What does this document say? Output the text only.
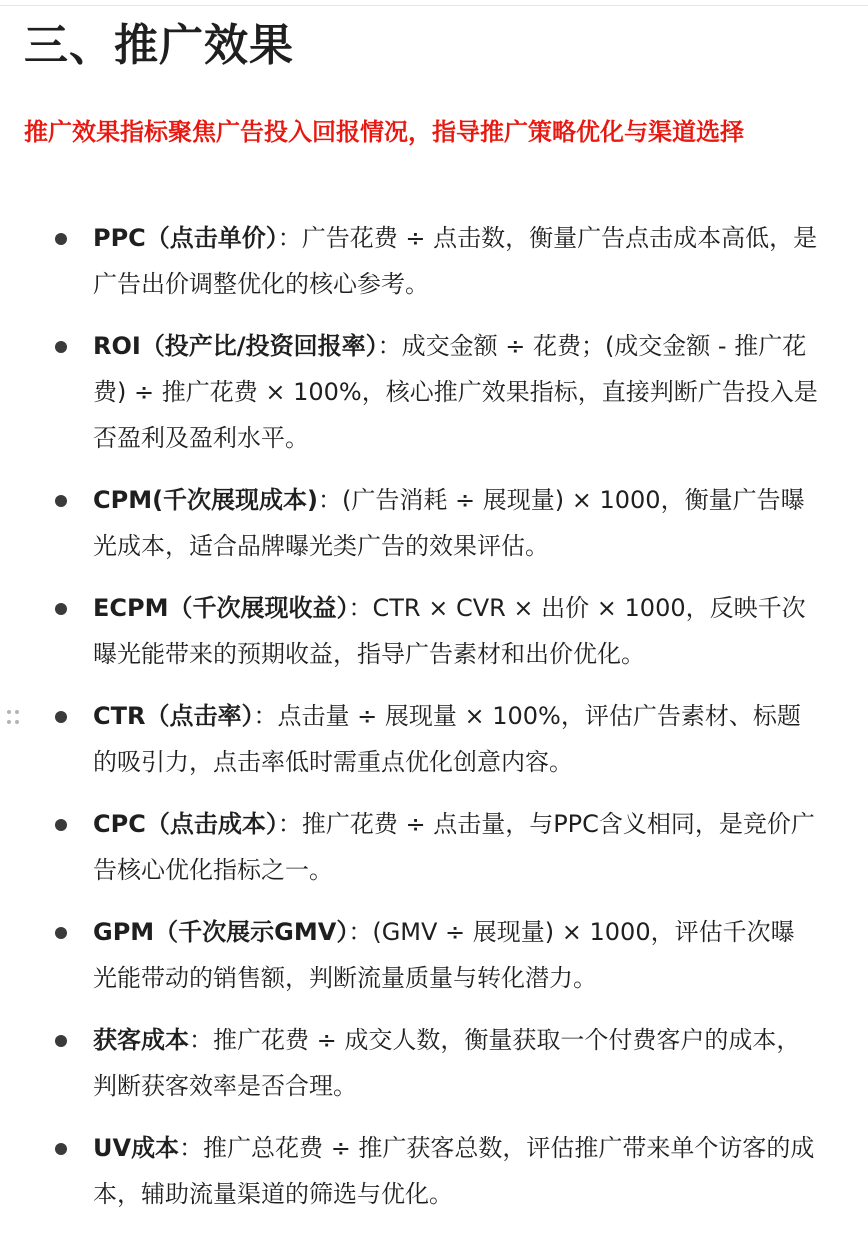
三、推广效果

推广效果指标聚焦广告投入回报情况，指导推广策略优化与渠道选择

PPC（点击单价）：广告花费 ÷ 点击数，衡量广告点击成本高低，是广告出价调整优化的核心参考。
ROI（投产比/投资回报率）：成交金额 ÷ 花费；(成交金额 - 推广花费) ÷ 推广花费 × 100%，核心推广效果指标，直接判断广告投入是否盈利及盈利水平。
CPM(千次展现成本)：(广告消耗 ÷ 展现量) × 1000，衡量广告曝光成本，适合品牌曝光类广告的效果评估。
ECPM（千次展现收益）：CTR × CVR × 出价 × 1000，反映千次曝光能带来的预期收益，指导广告素材和出价优化。
CTR（点击率）：点击量 ÷ 展现量 × 100%，评估广告素材、标题的吸引力，点击率低时需重点优化创意内容。
CPC（点击成本）：推广花费 ÷ 点击量，与PPC含义相同，是竞价广告核心优化指标之一。
GPM（千次展示GMV）：(GMV ÷ 展现量) × 1000，评估千次曝光能带动的销售额，判断流量质量与转化潜力。
获客成本：推广花费 ÷ 成交人数，衡量获取一个付费客户的成本，判断获客效率是否合理。
UV成本：推广总花费 ÷ 推广获客总数，评估推广带来单个访客的成本，辅助流量渠道的筛选与优化。
